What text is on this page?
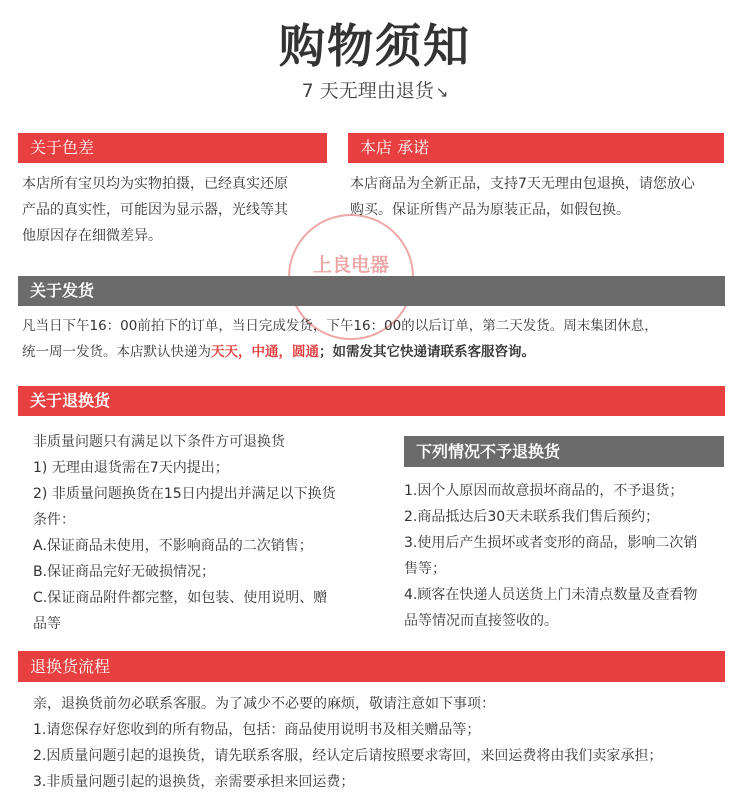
购物须知
7 天无理由退货 ↘
关于色差
本店所有宝贝均为实物拍摄，已经真实还原
产品的真实性，可能因为显示器，光线等其
他原因存在细微差异。
本店 承诺
本店商品为全新正品，支持7天无理由包退换，请您放心
购买。保证所售产品为原装正品，如假包换。
上良电器
关于发货
凡当日下午16：00前拍下的订单，当日完成发货，下午16：00的以后订单，第二天发货。周末集团休息，
统一周一发货。本店默认快递为天天，中通，圆通；如需发其它快递请联系客服咨询。
关于退换货
非质量问题只有满足以下条件方可退换货
1) 无理由退货需在7天内提出；
2) 非质量问题换货在15日内提出并满足以下换货
条件：
A.保证商品未使用，不影响商品的二次销售；
B.保证商品完好无破损情况；
C.保证商品附件都完整，如包装、使用说明、赠
品等
下列情况不予退换货
1.因个人原因而故意损坏商品的，不予退货；
2.商品抵达后30天未联系我们售后预约；
3.使用后产生损坏或者变形的商品，影响二次销
售等；
4.顾客在快递人员送货上门未清点数量及查看物
品等情况而直接签收的。
退换货流程
亲，退换货前勿必联系客服。为了减少不必要的麻烦，敬请注意如下事项：
1.请您保存好您收到的所有物品，包括：商品使用说明书及相关赠品等；
2.因质量问题引起的退换货，请先联系客服，经认定后请按照要求寄回，来回运费将由我们卖家承担；
3.非质量问题引起的退换货，亲需要承担来回运费；
